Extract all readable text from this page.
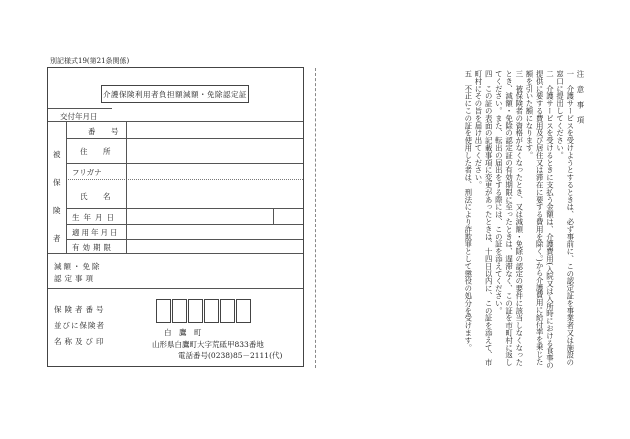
別記様式19(第21条関係)
介護保険利用者負担額減額・免除認定証
交付年月日
被
保
険
者
番　号
住　所
フリガナ
氏　名
生年月日
適用年月日
有効期限
減額・免除
認定事項
保険者番号
並びに保険者
名称及び印
白　鷹　町
山形県白鷹町大字荒砥甲833番地
電話番号(0238)85－2111(代)
注意事項
一　介護サービスを受けようとするときは、必ず事前に、この認定証を事業者又は施設の窓口に提出してください。
二　介護サービスを受けるときに支払う金額は、介護費用(入院又は入所時における食事の提供に要する費用及び居住又は滞在に要する費用を除く。)から介護費用に給付率を乗じた額を引いた額になります。
三　被保険者の資格がなくなったとき、又は減額・免除の認定の要件に該当しなくなったとき、減額・免除の認定証の有効期限に至ったときは、遅滞なく、この証を市町村に返してください。また、転出の届出をする際には、この証を添えてください。
四　この証の表面の記載事項に変更があったときは、十四日以内に、この証を添えて、市町村にその旨を届け出てください。
五　不正にこの証を使用した者は、刑法により詐欺罪として懲役の処分を受けます。
